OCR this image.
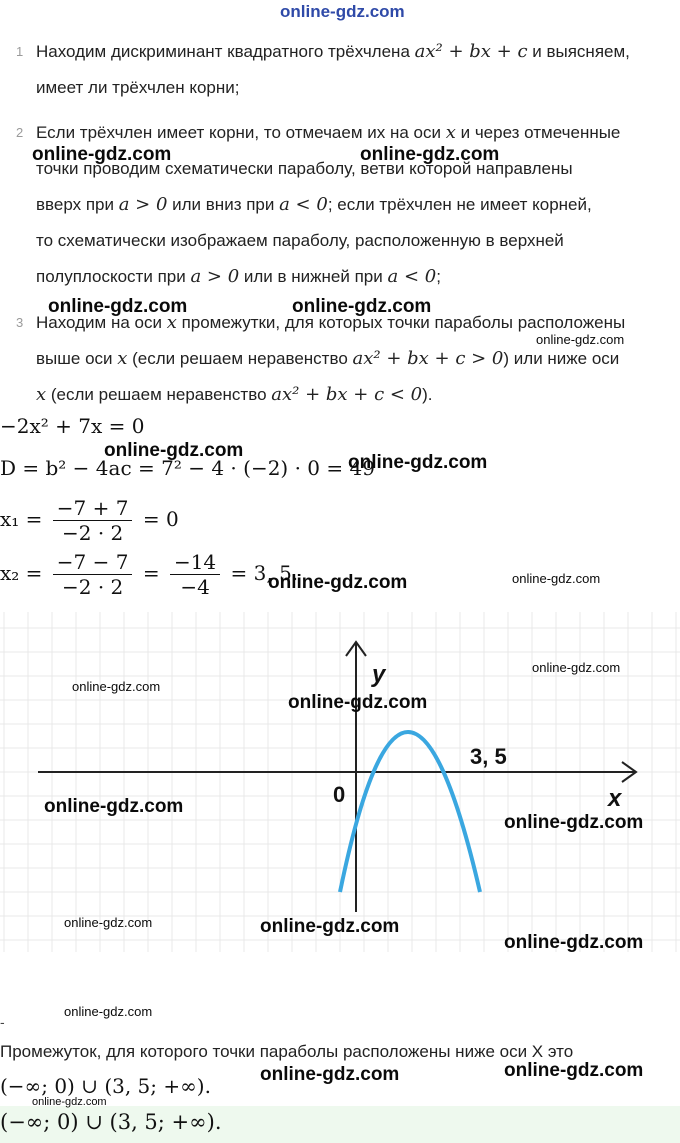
online-gdz.com
1 Находим дискриминант квадратного трёхчлена ax² + bx + c и выясняем,
имеет ли трёхчлен корни;
2 Если трёхчлен имеет корни, то отмечаем их на оси x и через отмеченные
точки проводим схематически параболу, ветви которой направлены
вверх при a > 0 или вниз при a < 0; если трёхчлен не имеет корней,
то схематически изображаем параболу, расположенную в верхней
полуплоскости при a > 0 или в нижней при a < 0;
3 Находим на оси x промежутки, для которых точки параболы расположены
выше оси x (если решаем неравенство ax² + bx + c > 0) или ниже оси
x (если решаем неравенство ax² + bx + c < 0).
−2x² + 7x = 0
D = b² − 4ac = 7² − 4 · (−2) · 0 = 49
$x_1 = \frac{-7 + 7}{-2 \cdot 2} = 0$
$x_2 = \frac{-7 - 7}{-2 \cdot 2} = \frac{-14}{-4} = 3$, 5.
y
x
0
3, 5
-
Промежуток, для которого точки параболы расположены ниже оси X это
(−∞; 0) ∪ (3, 5; +∞).
(−∞; 0) ∪ (3, 5; +∞).
online-gdz.com	online-gdz.com
online-gdz.com	online-gdz.com
online-gdz.com
online-gdz.com
online-gdz.com
online-gdz.com	online-gdz.com
online-gdz.com
online-gdz.com
online-gdz.com
online-gdz.com
online-gdz.com
online-gdz.com	online-gdz.com
online-gdz.com
online-gdz.com
online-gdz.com	online-gdz.com
online-gdz.com
